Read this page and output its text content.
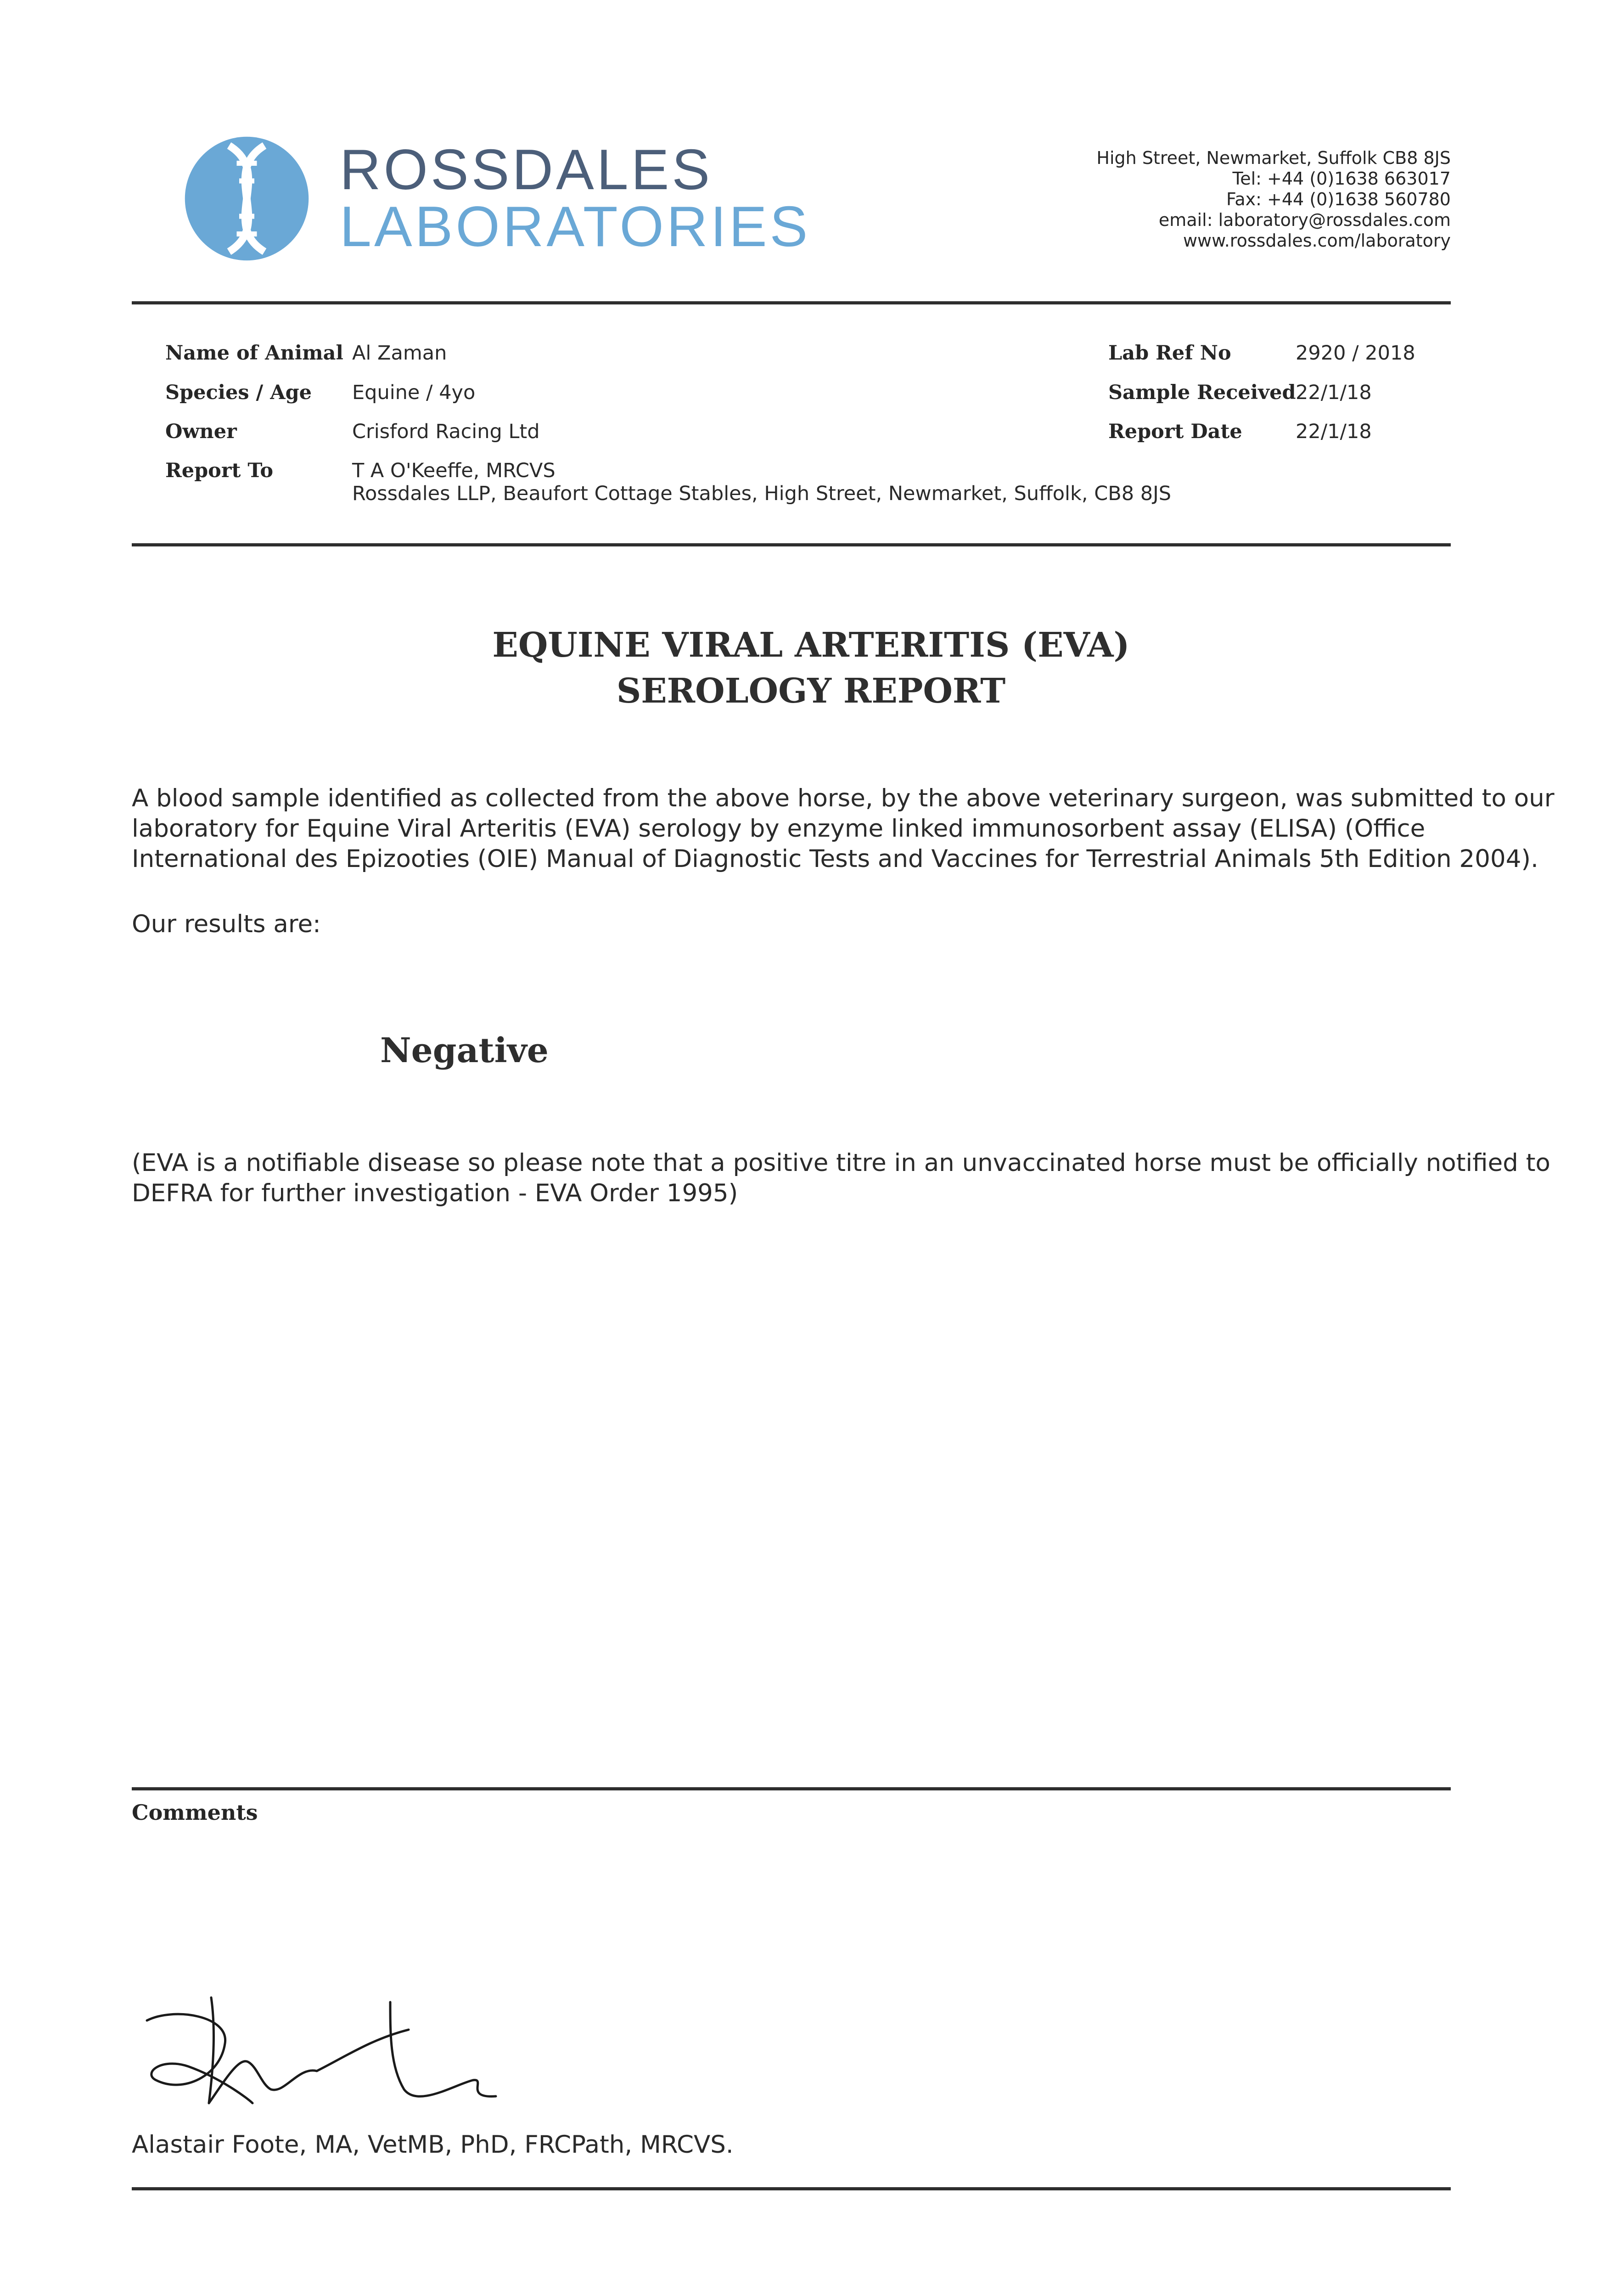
ROSSDALES
LABORATORIES
High Street, Newmarket, Suffolk CB8 8JS
Tel: +44 (0)1638 663017
Fax: +44 (0)1638 560780
email: laboratory@rossdales.com
www.rossdales.com/laboratory
Name of Animal Al Zaman
Species / Age Equine / 4yo
Owner	Crisford Racing Ltd
Report To	T A O'Keeffe, MRCVS
Rossdales LLP, Beaufort Cottage Stables, High Street, Newmarket, Suffolk, CB8 8JS
Lab Ref No	2920 / 2018
Sample Received 22/1/18
Report Date	22/1/18
EQUINE VIRAL ARTERITIS (EVA)
SEROLOGY REPORT
A blood sample identified as collected from the above horse, by the above veterinary surgeon, was submitted to our
laboratory for Equine Viral Arteritis (EVA) serology by enzyme linked immunosorbent assay (ELISA) (Office
International des Epizooties (OIE) Manual of Diagnostic Tests and Vaccines for Terrestrial Animals 5th Edition 2004).
Our results are:
Negative
(EVA is a notifiable disease so please note that a positive titre in an unvaccinated horse must be officially notified to
DEFRA for further investigation - EVA Order 1995)
Comments
Alastair Foote, MA, VetMB, PhD, FRCPath, MRCVS.
